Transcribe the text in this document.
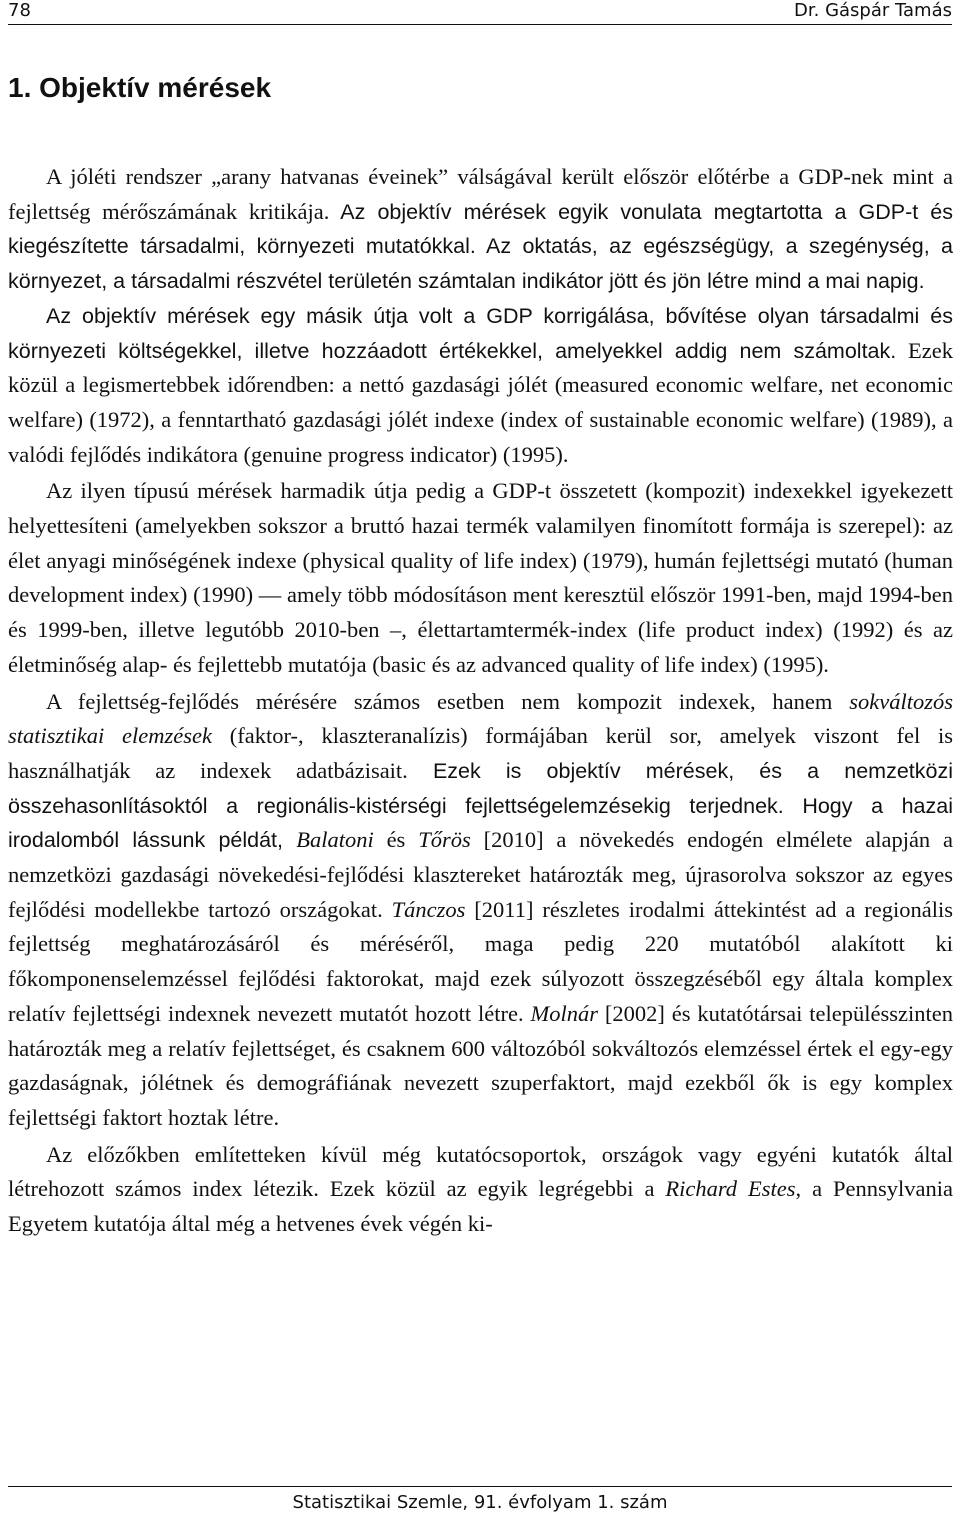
78	Dr. Gáspár Tamás
1. Objektív mérések

A jóléti rendszer „arany hatvanas éveinek” válságával került először előtérbe a GDP-nek mint a fejlettség mérőszámának kritikája. Az objektív mérések egyik vonulata megtartotta a GDP-t és kiegészítette társadalmi, környezeti mutatókkal. Az oktatás, az egészségügy, a szegénység, a környezet, a társadalmi részvétel területén számtalan indikátor jött és jön létre mind a mai napig.

Az objektív mérések egy másik útja volt a GDP korrigálása, bővítése olyan társadalmi és környezeti költségekkel, illetve hozzáadott értékekkel, amelyekkel addig nem számoltak. Ezek közül a legismertebbek időrendben: a nettó gazdasági jólét (measured economic welfare, net economic welfare) (1972), a fenntartható gazdasági jólét indexe (index of sustainable economic welfare) (1989), a valódi fejlődés indikátora (genuine progress indicator) (1995).

Az ilyen típusú mérések harmadik útja pedig a GDP-t összetett (kompozit) indexekkel igyekezett helyettesíteni (amelyekben sokszor a bruttó hazai termék valamilyen finomított formája is szerepel): az élet anyagi minőségének indexe (physical quality of life index) (1979), humán fejlettségi mutató (human development index) (1990) — amely több módosításon ment keresztül először 1991-ben, majd 1994-ben és 1999-ben, illetve legutóbb 2010-ben –, élettartamtermék-index (life product index) (1992) és az életminőség alap- és fejlettebb mutatója (basic és az advanced quality of life index) (1995).

A fejlettség-fejlődés mérésére számos esetben nem kompozit indexek, hanem sokváltozós statisztikai elemzések (faktor-, klaszteranalízis) formájában kerül sor, amelyek viszont fel is használhatják az indexek adatbázisait. Ezek is objektív mérések, és a nemzetközi összehasonlításoktól a regionális-kistérségi fejlettségelemzésekig terjednek. Hogy a hazai irodalomból lássunk példát, Balatoni és Tőrös [2010] a növekedés endogén elmélete alapján a nemzetközi gazdasági növekedési-fejlődési klasztereket határozták meg, újrasorolva sokszor az egyes fejlődési modellekbe tartozó országokat. Tánczos [2011] részletes irodalmi áttekintést ad a regionális fejlettség meghatározásáról és méréséről, maga pedig 220 mutatóból alakított ki főkomponenselemzéssel fejlődési faktorokat, majd ezek súlyozott összegzéséből egy általa komplex relatív fejlettségi indexnek nevezett mutatót hozott létre. Molnár [2002] és kutatótársai településszinten határozták meg a relatív fejlettséget, és csaknem 600 változóból sokváltozós elemzéssel értek el egy-egy gazdaságnak, jólétnek és demográfiának nevezett szuperfaktort, majd ezekből ők is egy komplex fejlettségi faktort hoztak létre.

Az előzőkben említetteken kívül még kutatócsoportok, országok vagy egyéni kutatók által létrehozott számos index létezik. Ezek közül az egyik legrégebbi a Richard Estes, a Pennsylvania Egyetem kutatója által még a hetvenes évek végén ki-

Statisztikai Szemle, 91. évfolyam 1. szám
